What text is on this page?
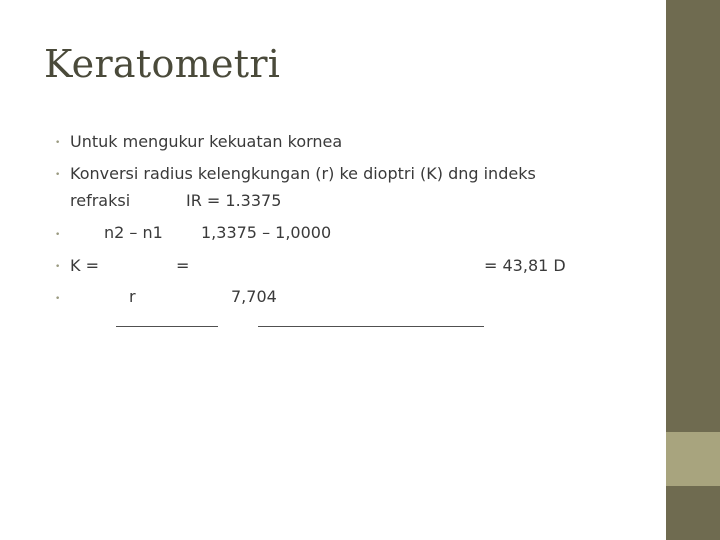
Keratometri
• Untuk mengukur kekuatan kornea
• Konversi radius kelengkungan (r) ke dioptri (K) dng indeks
refraksi	IR = 1.3375
•	n2 – n1 1,3375 – 1,0000
• K =	=	= 43,81 D
•	r	7,704
